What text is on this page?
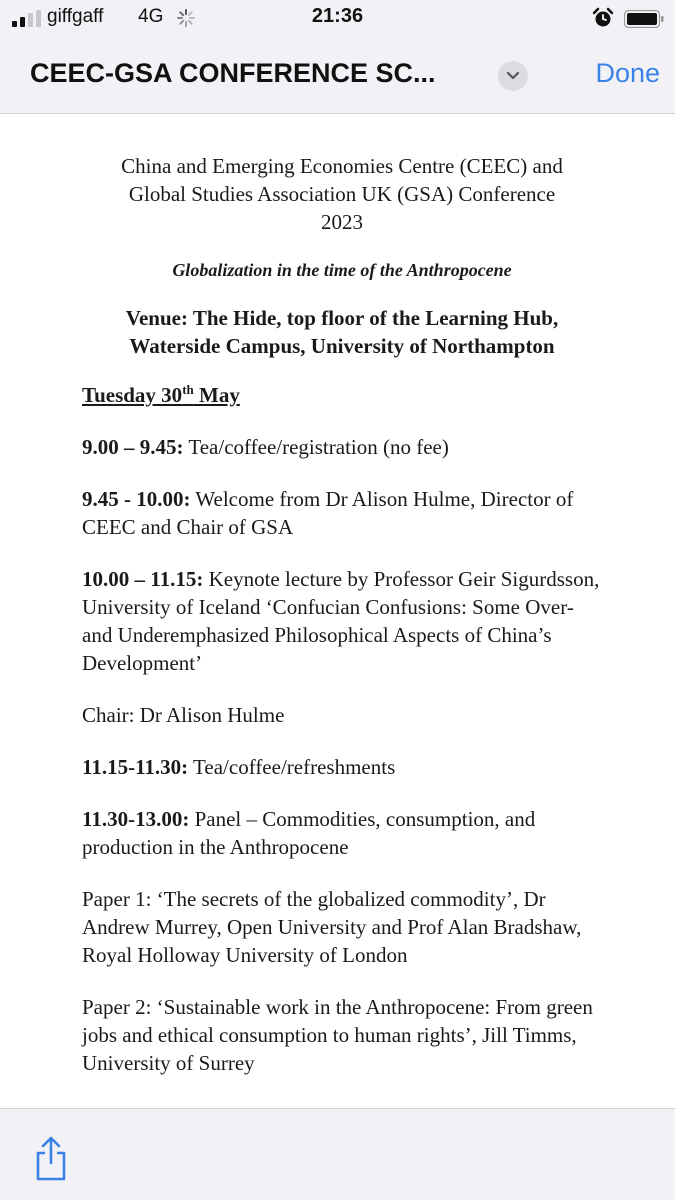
giffgaff 4G	21:36
CEEC-GSA CONFERENCE SC...	Done
China and Emerging Economies Centre (CEEC) and
Global Studies Association UK (GSA) Conference
2023
Globalization in the time of the Anthropocene
Venue: The Hide, top floor of the Learning Hub,
Waterside Campus, University of Northampton
Tuesday 30th May
9.00 – 9.45: Tea/coffee/registration (no fee)
9.45 - 10.00: Welcome from Dr Alison Hulme, Director of CEEC and Chair of GSA
10.00 – 11.15: Keynote lecture by Professor Geir Sigurdsson, University of Iceland ‘Confucian Confusions: Some Over- and Underemphasized Philosophical Aspects of China’s Development’
Chair: Dr Alison Hulme
11.15-11.30: Tea/coffee/refreshments
11.30-13.00: Panel – Commodities, consumption, and production in the Anthropocene
Paper 1: ‘The secrets of the globalized commodity’, Dr Andrew Murrey, Open University and Prof Alan Bradshaw, Royal Holloway University of London
Paper 2: ‘Sustainable work in the Anthropocene: From green jobs and ethical consumption to human rights’, Jill Timms, University of Surrey
